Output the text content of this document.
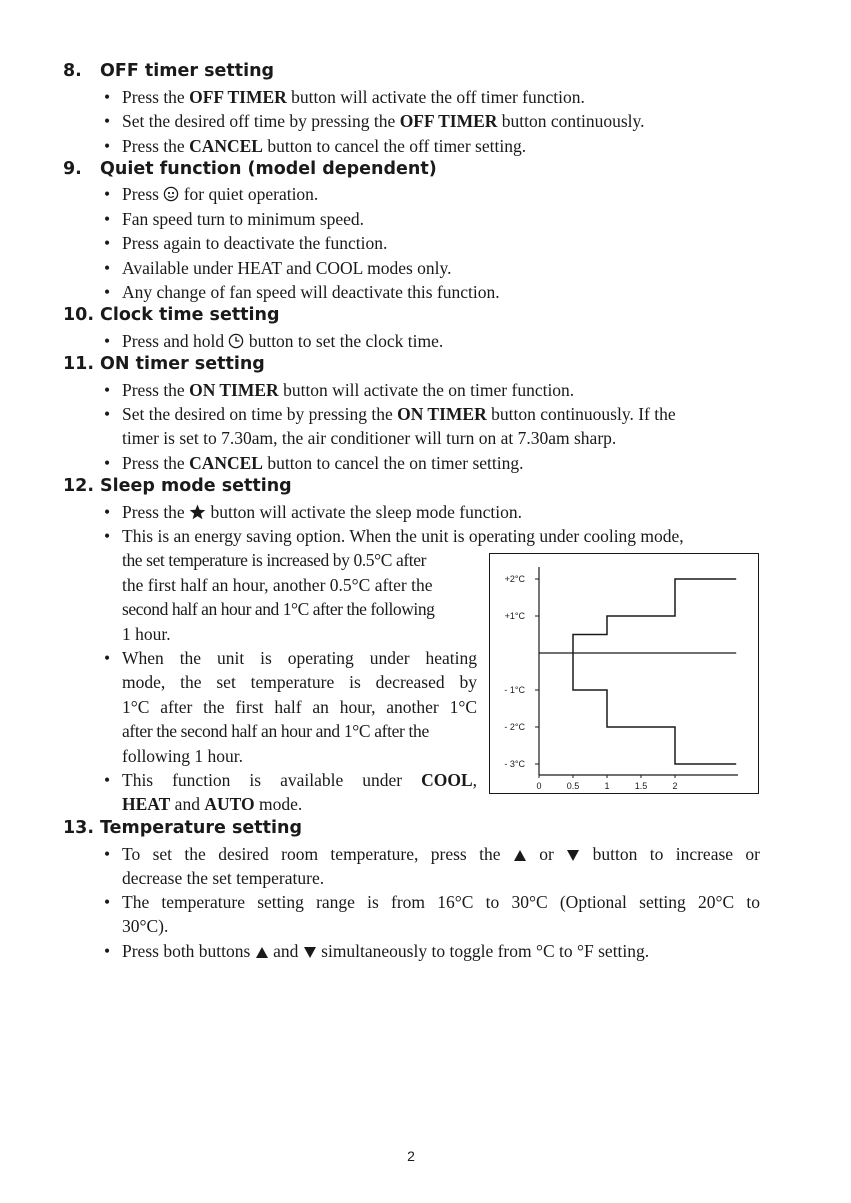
8. OFF timer setting
• Press the OFF TIMER button will activate the off timer function.
• Set the desired off time by pressing the OFF TIMER button continuously.
• Press the CANCEL button to cancel the off timer setting.
9. Quiet function (model dependent)
• Press  for quiet operation.
• Fan speed turn to minimum speed.
• Press again to deactivate the function.
• Available under HEAT and COOL modes only.
• Any change of fan speed will deactivate this function.
10. Clock time setting
• Press and hold  button to set the clock time.
11. ON timer setting
• Press the ON TIMER button will activate the on timer function.
• Set the desired on time by pressing the ON TIMER button continuously. If the
timer is set to 7.30am, the air conditioner will turn on at 7.30am sharp.
• Press the CANCEL button to cancel the on timer setting.
12. Sleep mode setting
• Press the  button will activate the sleep mode function.
• This is an energy saving option. When the unit is operating under cooling mode,
the set temperature is increased by 0.5°C after
the first half an hour, another 0.5°C after the
second half an hour and 1°C after the following
1 hour.
• When the unit is operating under heating
mode, the set temperature is decreased by
1°C after the first half an hour, another 1°C
after the second half an hour and 1°C after the
following 1 hour.
• This function is available under COOL,
HEAT and AUTO mode.
+2°C
+1°C
- 1°C
- 2°C
- 3°C
0	0.5	1	1.5	2
13. Temperature setting
• To set the desired room temperature, press the  or  button to increase or
decrease the set temperature.
• The temperature setting range is from 16°C to 30°C (Optional setting 20°C to
30°C).
• Press both buttons  and  simultaneously to toggle from °C to °F setting.
2
